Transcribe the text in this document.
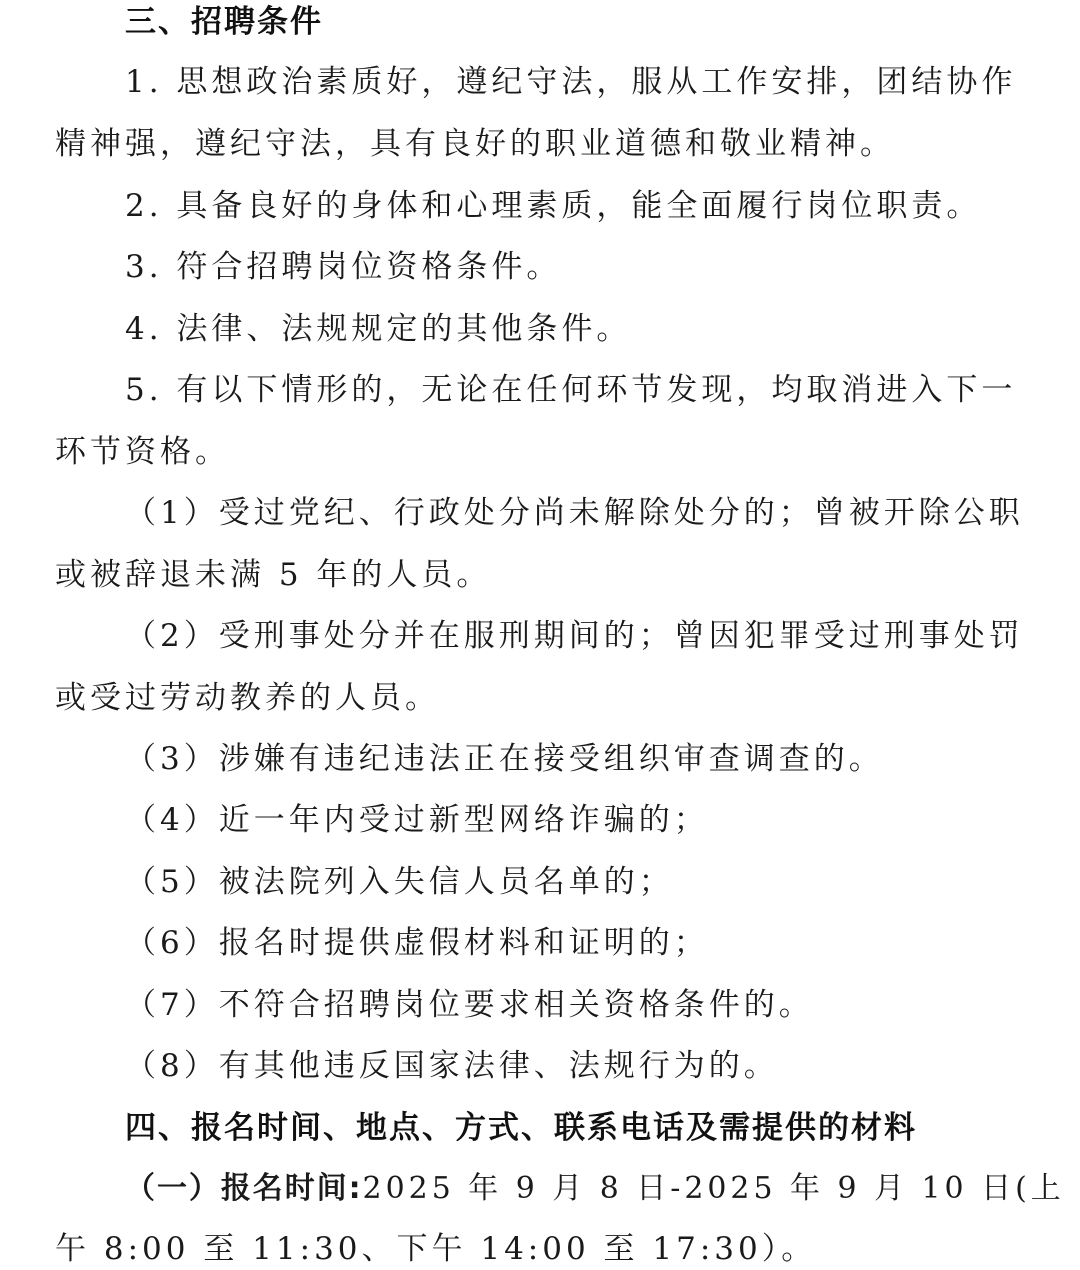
三、招聘条件
1. 思想政治素质好，遵纪守法，服从工作安排，团结协作
精神强，遵纪守法，具有良好的职业道德和敬业精神。
2. 具备良好的身体和心理素质，能全面履行岗位职责。
3. 符合招聘岗位资格条件。
4. 法律、法规规定的其他条件。
5. 有以下情形的，无论在任何环节发现，均取消进入下一
环节资格。
（1）受过党纪、行政处分尚未解除处分的；曾被开除公职
或被辞退未满 5 年的人员。
（2）受刑事处分并在服刑期间的；曾因犯罪受过刑事处罚
或受过劳动教养的人员。
（3）涉嫌有违纪违法正在接受组织审查调查的。
（4）近一年内受过新型网络诈骗的；
（5）被法院列入失信人员名单的；
（6）报名时提供虚假材料和证明的；
（7）不符合招聘岗位要求相关资格条件的。
（8）有其他违反国家法律、法规行为的。
四、报名时间、地点、方式、联系电话及需提供的材料
（一）报名时间:2025 年 9 月 8 日-2025 年 9 月 10 日(上
午 8:00 至 11:30、下午 14:00 至 17:30）。
